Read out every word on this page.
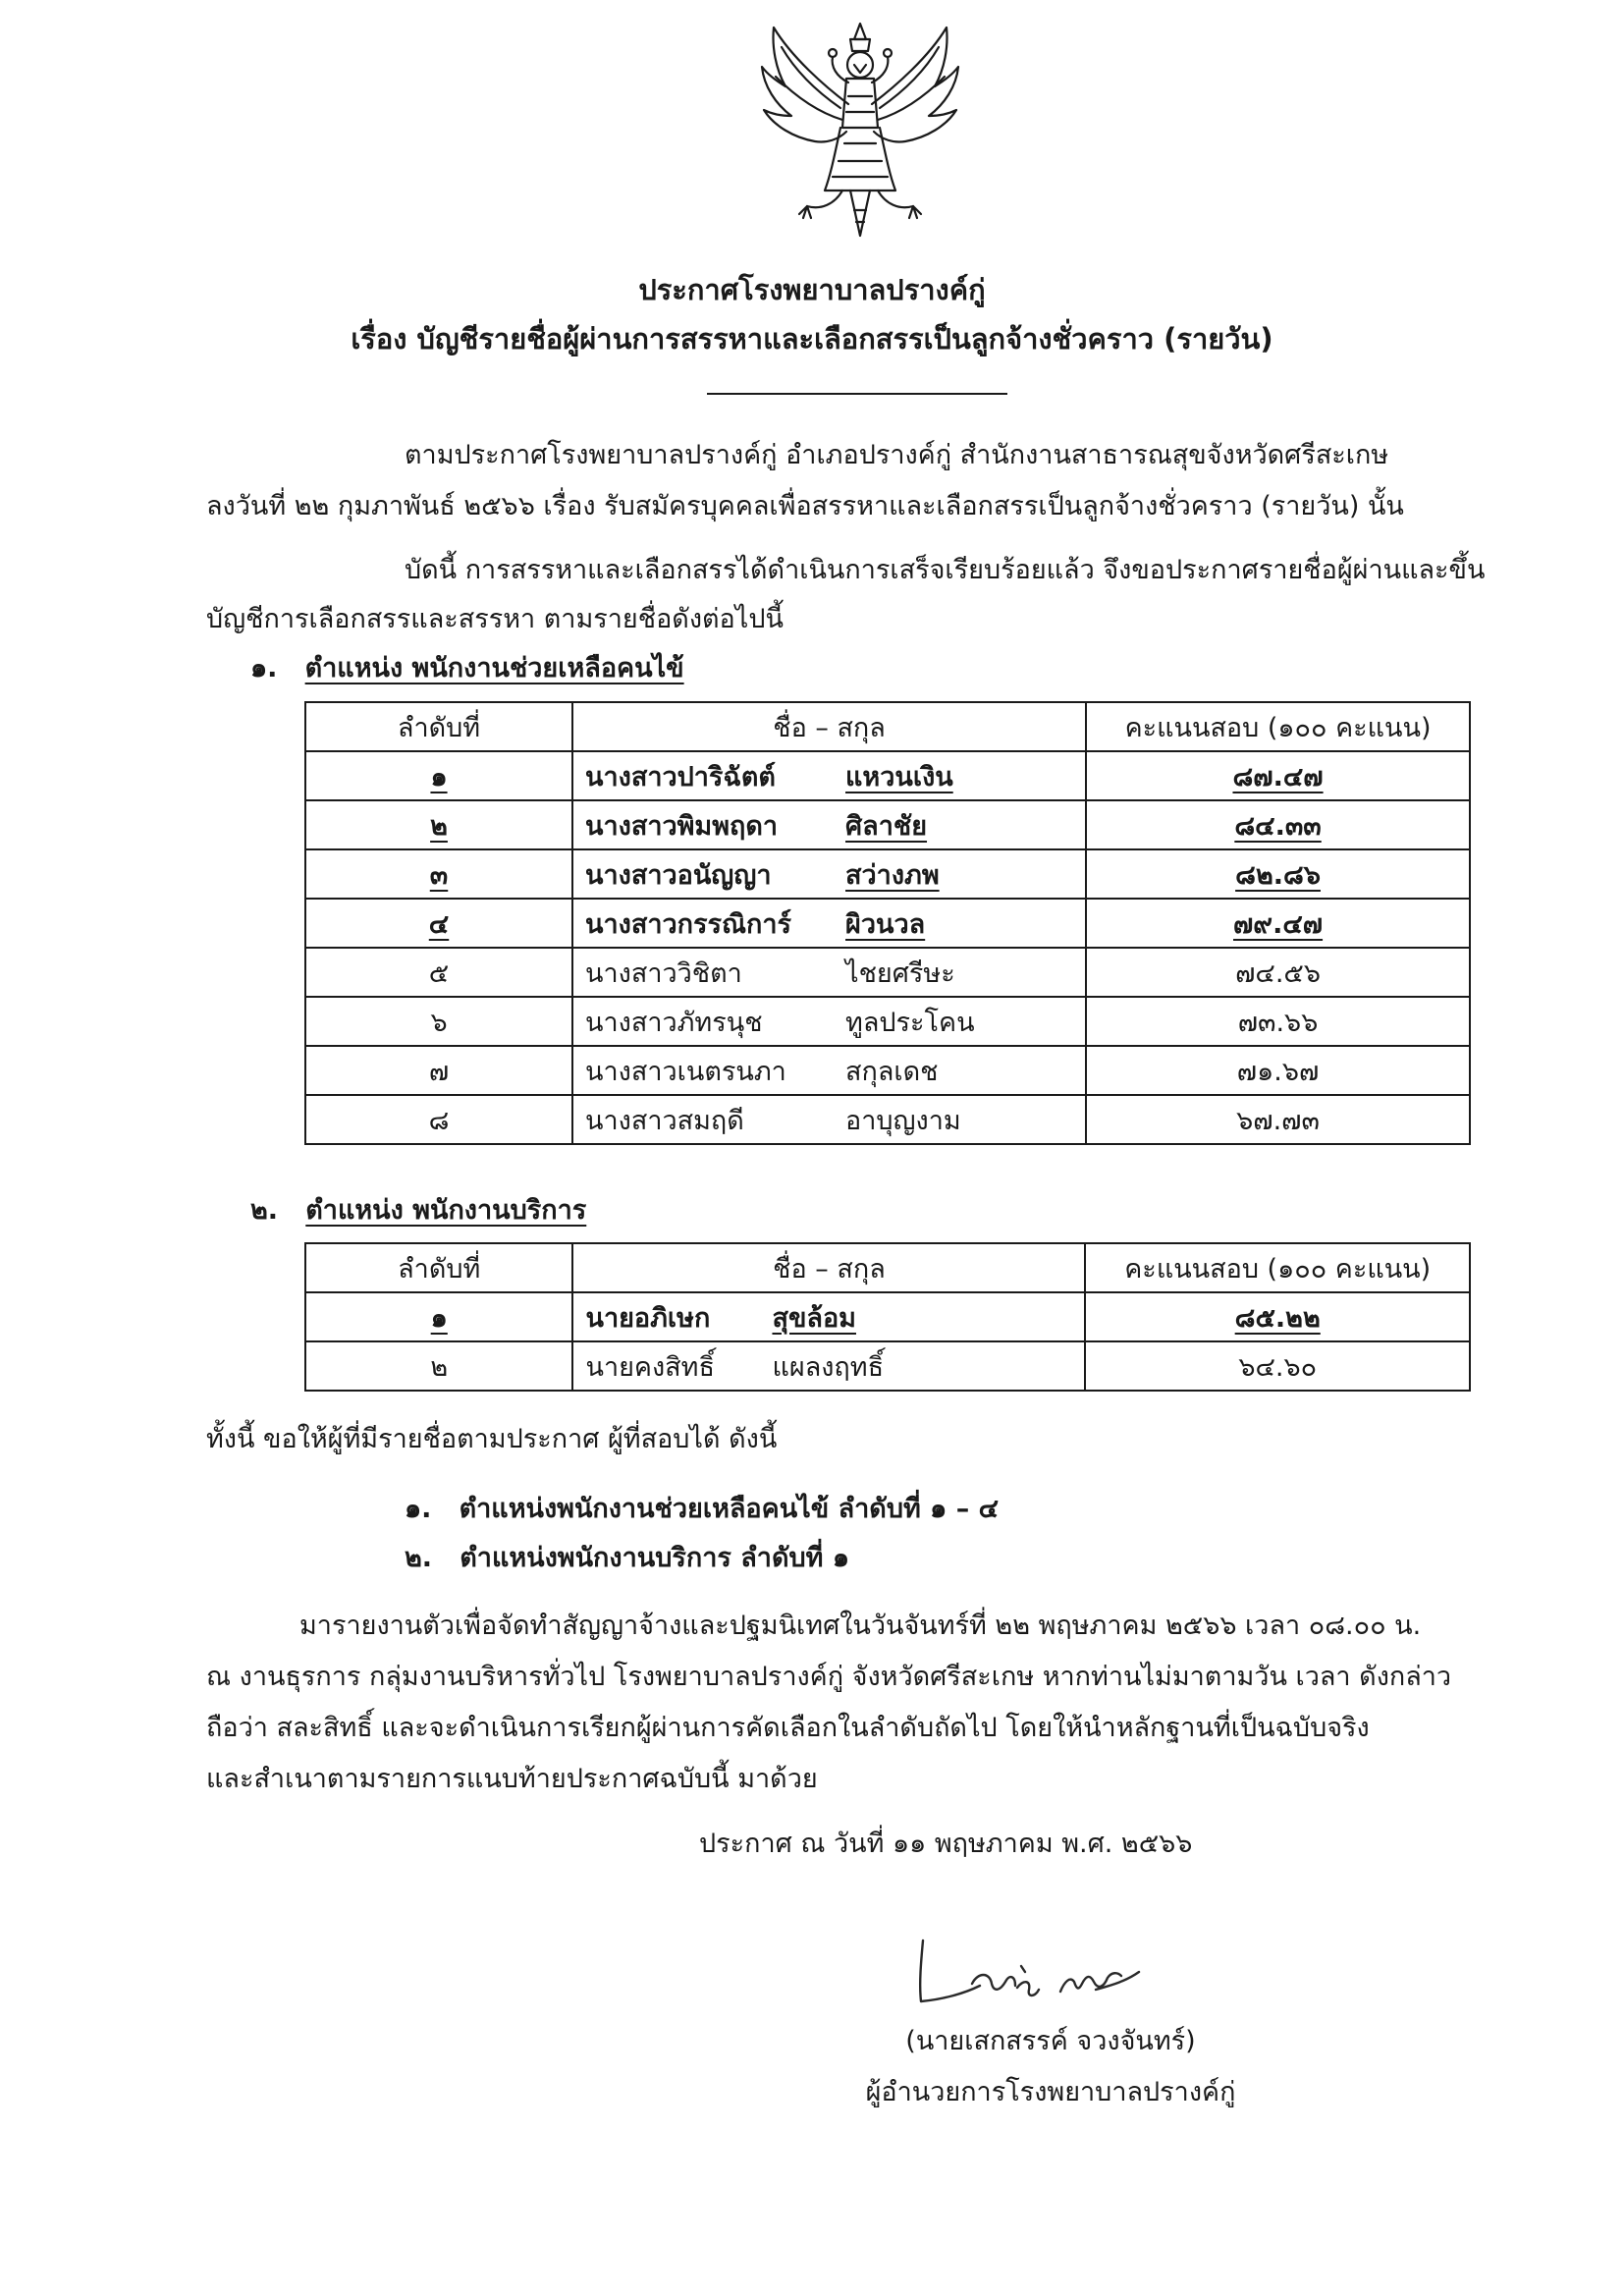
ประกาศโรงพยาบาลปรางค์กู่
เรื่อง บัญชีรายชื่อผู้ผ่านการสรรหาและเลือกสรรเป็นลูกจ้างชั่วคราว (รายวัน)
ตามประกาศโรงพยาบาลปรางค์กู่ อำเภอปรางค์กู่ สำนักงานสาธารณสุขจังหวัดศรีสะเกษ
ลงวันที่ ๒๒ กุมภาพันธ์ ๒๕๖๖ เรื่อง รับสมัครบุคคลเพื่อสรรหาและเลือกสรรเป็นลูกจ้างชั่วคราว (รายวัน) นั้น
บัดนี้ การสรรหาและเลือกสรรได้ดำเนินการเสร็จเรียบร้อยแล้ว จึงขอประกาศรายชื่อผู้ผ่านและขึ้น
บัญชีการเลือกสรรและสรรหา ตามรายชื่อดังต่อไปนี้
๑. ตำแหน่ง พนักงานช่วยเหลือคนไข้
ลำดับที่	ชื่อ – สกุล	คะแนนสอบ (๑๐๐ คะแนน)
๑	นางสาวปาริฉัตต์ แหวนเงิน	๘๗.๔๗
๒	นางสาวพิมพฤดา ศิลาชัย	๘๔.๓๓
๓	นางสาวอนัญญา สว่างภพ	๘๒.๘๖
๔	นางสาวกรรณิการ์ ผิวนวล	๗๙.๔๗
๕	นางสาววิชิตา ไชยศรีษะ	๗๔.๕๖
๖	นางสาวภัทรนุช ทูลประโคน	๗๓.๖๖
๗	นางสาวเนตรนภา สกุลเดช	๗๑.๖๗
๘	นางสาวสมฤดี อาบุญงาม	๖๗.๗๓
๒. ตำแหน่ง พนักงานบริการ
ลำดับที่	ชื่อ – สกุล	คะแนนสอบ (๑๐๐ คะแนน)
๑	นายอภิเษก สุขล้อม	๘๕.๒๒
๒	นายคงสิทธิ์ แผลงฤทธิ์	๖๔.๖๐
ทั้งนี้ ขอให้ผู้ที่มีรายชื่อตามประกาศ ผู้ที่สอบได้ ดังนี้
๑. ตำแหน่งพนักงานช่วยเหลือคนไข้ ลำดับที่ ๑ – ๔
๒. ตำแหน่งพนักงานบริการ ลำดับที่ ๑
มารายงานตัวเพื่อจัดทำสัญญาจ้างและปฐมนิเทศในวันจันทร์ที่ ๒๒ พฤษภาคม ๒๕๖๖ เวลา ๐๘.๐๐ น.
ณ งานธุรการ กลุ่มงานบริหารทั่วไป โรงพยาบาลปรางค์กู่ จังหวัดศรีสะเกษ หากท่านไม่มาตามวัน เวลา ดังกล่าว
ถือว่า สละสิทธิ์ และจะดำเนินการเรียกผู้ผ่านการคัดเลือกในลำดับถัดไป โดยให้นำหลักฐานที่เป็นฉบับจริง
และสำเนาตามรายการแนบท้ายประกาศฉบับนี้ มาด้วย
ประกาศ ณ วันที่ ๑๑ พฤษภาคม พ.ศ. ๒๕๖๖
(นายเสกสรรค์ จวงจันทร์)
ผู้อำนวยการโรงพยาบาลปรางค์กู่
